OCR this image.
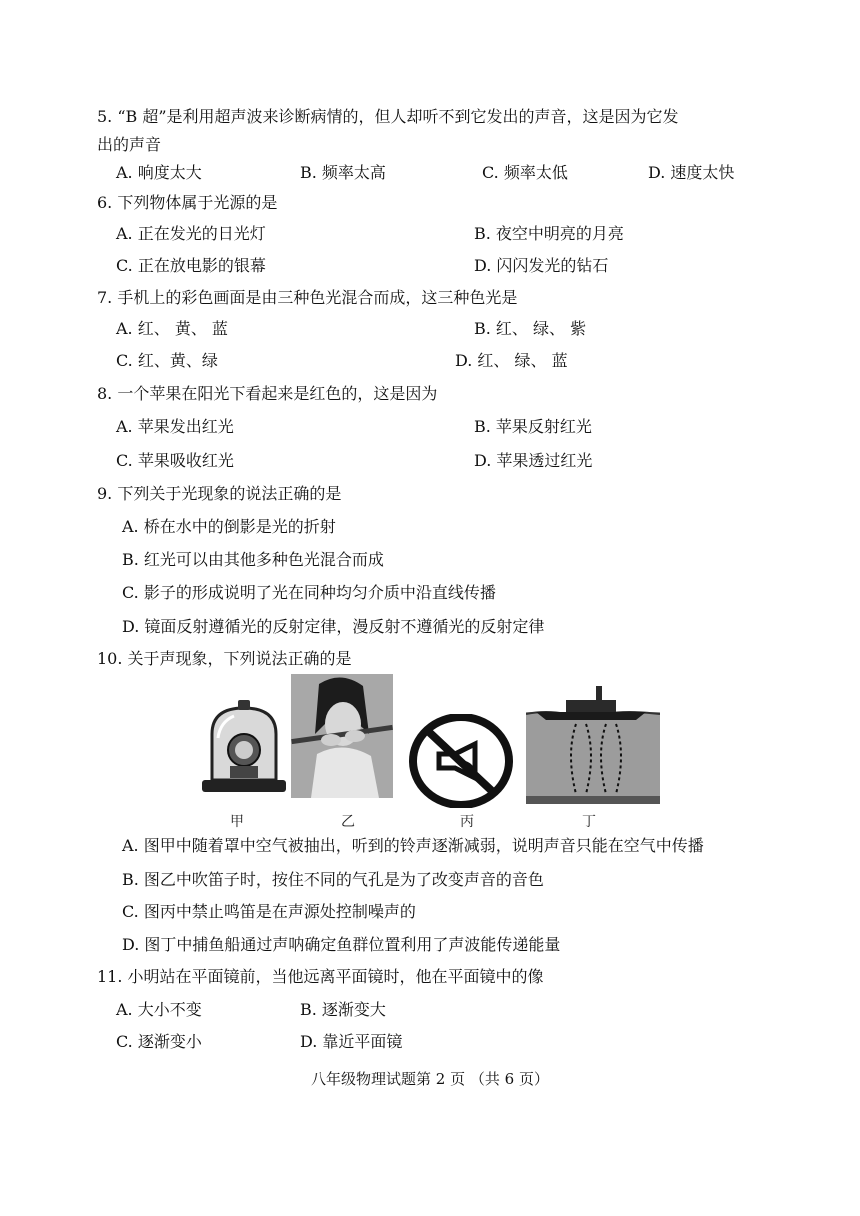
5. “B 超”是利用超声波来诊断病情的，但人却听不到它发出的声音，这是因为它发
出的声音
A. 响度太大	B. 频率太高	C. 频率太低	D. 速度太快
6. 下列物体属于光源的是
A. 正在发光的日光灯	B. 夜空中明亮的月亮
C. 正在放电影的银幕	D. 闪闪发光的钻石
7. 手机上的彩色画面是由三种色光混合而成，这三种色光是
A. 红、 黄、 蓝	B. 红、 绿、 紫
C. 红、黄、绿	D. 红、 绿、 蓝
8. 一个苹果在阳光下看起来是红色的，这是因为
A. 苹果发出红光	B. 苹果反射红光
C. 苹果吸收红光	D. 苹果透过红光
9. 下列关于光现象的说法正确的是
A. 桥在水中的倒影是光的折射
B. 红光可以由其他多种色光混合而成
C. 影子的形成说明了光在同种均匀介质中沿直线传播
D. 镜面反射遵循光的反射定律，漫反射不遵循光的反射定律
10. 关于声现象，下列说法正确的是
甲	乙	丙	丁
A. 图甲中随着罩中空气被抽出，听到的铃声逐渐减弱，说明声音只能在空气中传播
B. 图乙中吹笛子时，按住不同的气孔是为了改变声音的音色
C. 图丙中禁止鸣笛是在声源处控制噪声的
D. 图丁中捕鱼船通过声呐确定鱼群位置利用了声波能传递能量
11. 小明站在平面镜前，当他远离平面镜时，他在平面镜中的像
A. 大小不变	B. 逐渐变大
C. 逐渐变小	D. 靠近平面镜
八年级物理试题第 2 页 （共 6 页）
